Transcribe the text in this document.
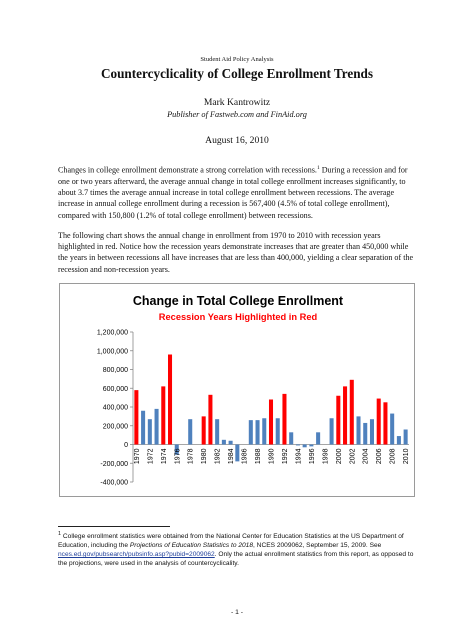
Student Aid Policy Analysis
Countercyclicality of College Enrollment Trends
Mark Kantrowitz
Publisher of Fastweb.com and FinAid.org
August 16, 2010
Changes in college enrollment demonstrate a strong correlation with recessions.$^1$ During a recession and for one or two years afterward, the average annual change in total college enrollment increases significantly, to about 3.7 times the average annual increase in total college enrollment between recessions. The average increase in annual college enrollment during a recession is 567,400 (4.5% of total college enrollment), compared with 150,800 (1.2% of total college enrollment) between recessions.
The following chart shows the annual change in enrollment from 1970 to 2010 with recession years highlighted in red. Notice how the recession years demonstrate increases that are greater than 450,000 while the years in between recessions all have increases that are less than 400,000, yielding a clear separation of the recession and non-recession years.
Change in Total College Enrollment
Recession Years Highlighted in Red
1970 1972 1974 1976 1978 1980 1982 1984 1986 1988 1990 1992 1994 1996 1998 2000 2002 2004 2006 2008 2010
-400,000
-200,000
0
200,000
400,000
600,000
800,000
1,000,000
1,200,000
$^1$ College enrollment statistics were obtained from the National Center for Education Statistics at the US Department of Education, including the Projections of Education Statistics to 2018, NCES 2009062, September 15, 2009. See nces.ed.gov/pubsearch/pubsinfo.asp?pubid=2009062. Only the actual enrollment statistics from this report, as opposed to the projections, were used in the analysis of countercyclicality.
- 1 -
